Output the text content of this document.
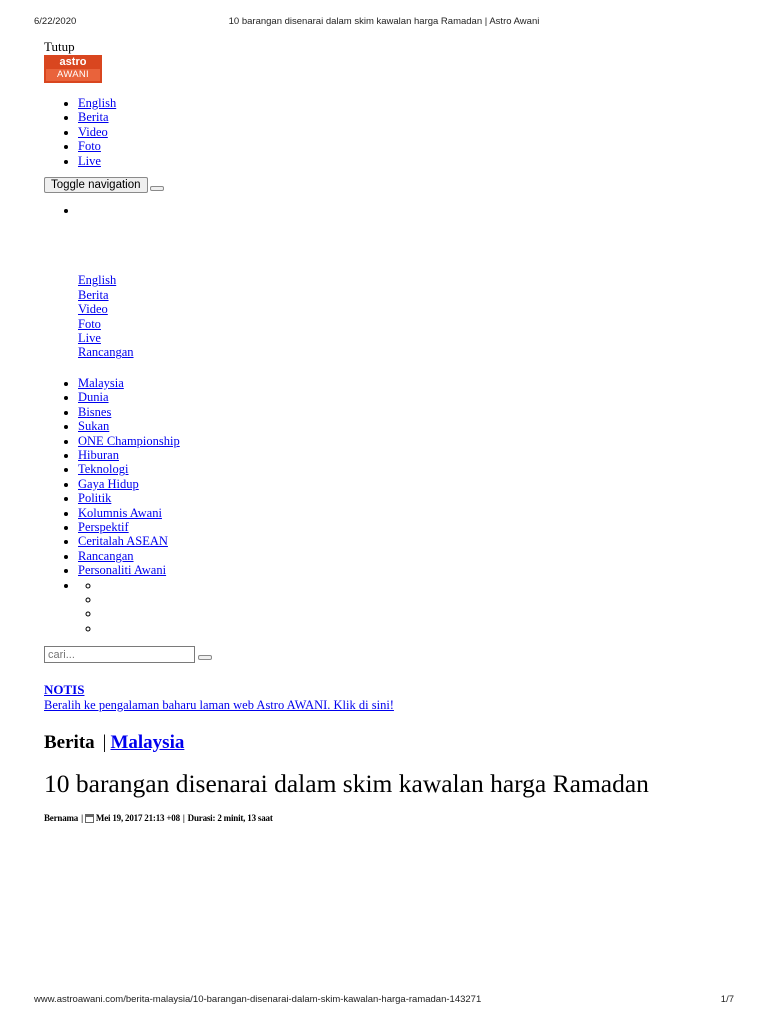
6/22/2020	10 barangan disenarai dalam skim kawalan harga Ramadan | Astro Awani
Tutup
astro
AWANI
• English
• Berita
• Video
• Foto
• Live
Toggle navigation
•
English
Berita
Video
Foto
Live
Rancangan
• Malaysia
• Dunia
• Bisnes
• Sukan
• ONE Championship
• Hiburan
• Teknologi
• Gaya Hidup
• Politik
• Kolumnis Awani
• Perspektif
• Ceritalah ASEAN
• Rancangan
• Personaliti Awani
•
◦
◦
◦
◦
cari...
NOTIS
Beralih ke pengalaman baharu laman web Astro AWANI. Klik di sini!
Berita | Malaysia
10 barangan disenarai dalam skim kawalan harga Ramadan
Bernama | Mei 19, 2017 21:13 +08 | Durasi: 2 minit, 13 saat
www.astroawani.com/berita-malaysia/10-barangan-disenarai-dalam-skim-kawalan-harga-ramadan-143271	1/7
